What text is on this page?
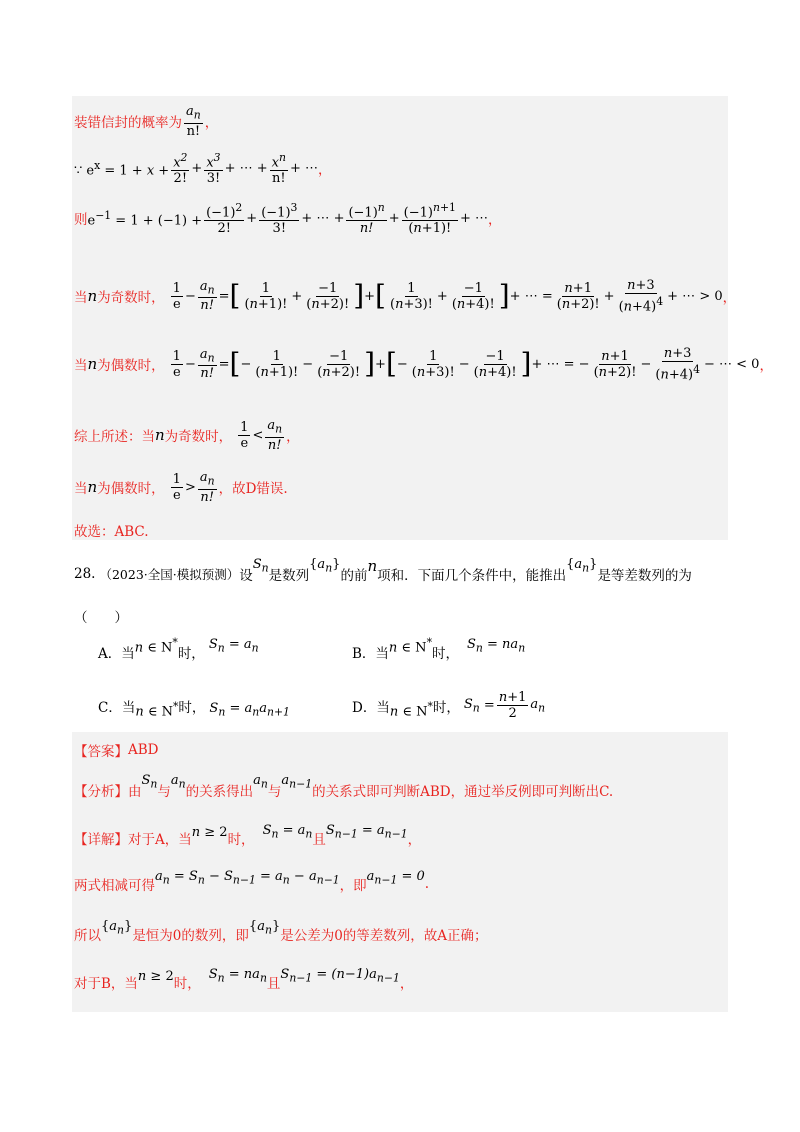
装错信封的概率为
$a_n$
n! ，
∵ $e^x = 1 + x + \frac{x^2}{2!} + \frac{x^3}{3!}$ + ⋯ + $\frac{x^n}{n!}$ + ⋯ ，
则 $e^{-1} = 1 + (-1) + \frac{(-1)^2}{2!} + \frac{(-1)^3}{3!}$ + ⋯ + $\frac{(-1)^n}{n!} + \frac{(-1)^{n+1}}{(n+1)!}$ + ⋯ ，
当 n 为奇数时，
1
e
− $\frac{a_n}{n!}$ = [ 1
(n+1)!
+ $\frac{-1}{(n+2)!}$ ] + [ 1
(n+3)!
+ $\frac{-1}{(n+4)!}$ ] + ⋯ = $\frac{n+1}{(n+2)!} + \frac{n+3}{(n+4)^4}$ + ⋯ > 0 ，
当 n 为偶数时，
1
e
− $\frac{a_n}{n!}$ = [ − $\frac{1}{(n+1)!} - \frac{-1}{(n+2)!}$ ] + [ − $\frac{1}{(n+3)!} - \frac{-1}{(n+4)!}$ ] + ⋯ = − $\frac{n+1}{(n+2)!} - \frac{n+3}{(n+4)^4}$ − ⋯ < 0 ，
综上所述：当 n 为奇数时，
1
e
<
$a_n$
n! ，
当 n 为偶数时，
1
e
>
$a_n$
n! ，故D错误.
故选：ABC.
28. （2023·全国·模拟预测） 设
$S_n$ 是数列
$\{a_n\}$
的前
n
项和．下面几个条件中，能推出
$\{a_n\}$
是等差数列的为
（　　）
A．当 n ∈ N*
时，
$S_n = a_n$	B．当 n ∈ N*
时，
$S_n = na_n$
C．当 n ∈ N* 时， $S_n = a_na_{n+1}$	D．当 n ∈ N* 时， $S_n = \frac{n+1}{2} a_n$
【答案】 ABD
【分析】 由
$S_n$ 与
$a_n$ 的关系得出
$a_n$ 与
$a_{n-1}$ 的关系式即可判断ABD，通过举反例即可判断出C.
【详解】 对于A，当 n ≥ 2 时，
$S_n = a_n$ 且
$S_{n-1} = a_{n-1}$ ，
两式相减可得
$a_n = S_n - S_{n-1} = a_n - a_{n-1}$ ，即
$a_{n-1} = 0$ .
所以
$\{a_n\}$
是恒为0的数列，即
$\{a_n\}$
是公差为0的等差数列，故A正确；
对于B，当 n ≥ 2 时，
$S_n = na_n$ 且
$S_{n-1} = (n-1)a_{n-1}$ ，
